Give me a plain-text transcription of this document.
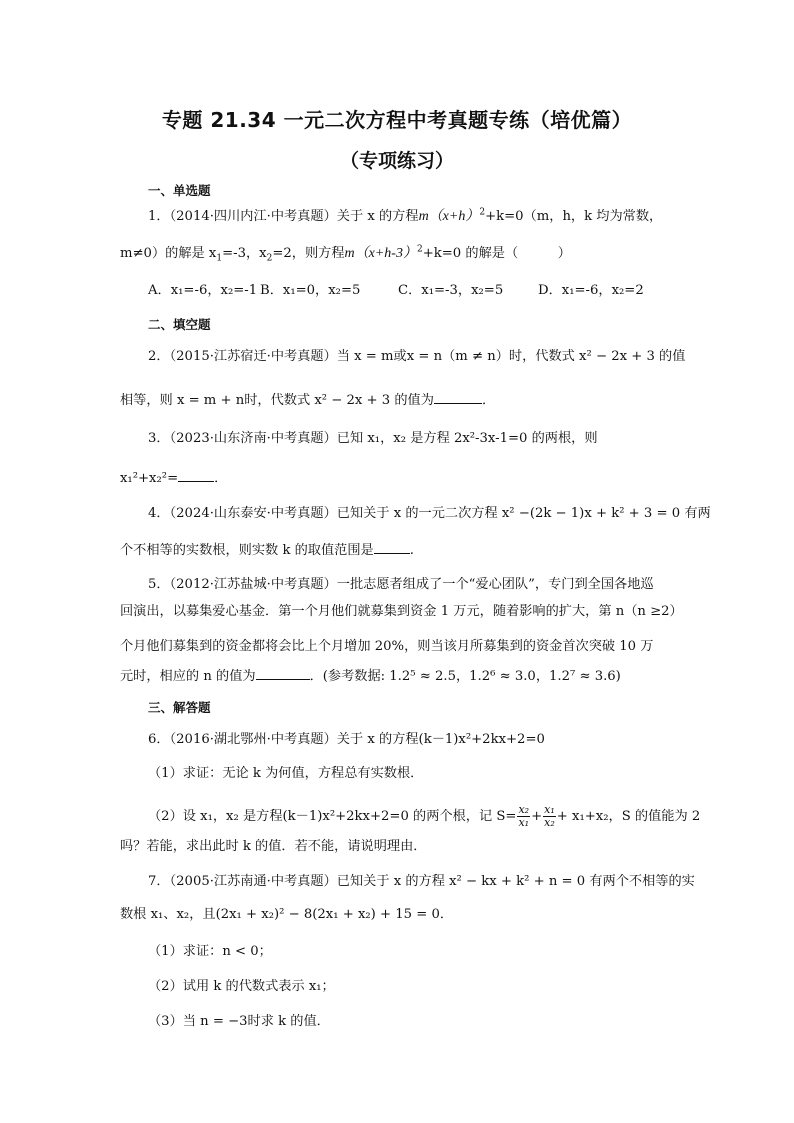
专题 21.34 一元二次方程中考真题专练（培优篇）
（专项练习）
一、单选题
1．（2014·四川内江·中考真题）关于 x 的方程$m(x+h)^2+k=0(m$，h，k 均为常数，
m≠0）的解是 $x_1=-3$，$x_2=2$，则方程$m(x+h-3)^2+k=0$ 的解是（　　　）
A．x₁=-6，x₂=-1 B．x₁=0，x₂=5	C．x₁=-3，x₂=5	D．x₁=-6，x₂=2
二、填空题
2．（2015·江苏宿迁·中考真题）当 x = m或x = n（m ≠ n）时，代数式 x² − 2x + 3 的值
相等，则 x = m + n时，代数式 x² − 2x + 3 的值为	．
3．（2023·山东济南·中考真题）已知 x₁，x₂ 是方程 2x²-3x-1=0 的两根，则
x₁²+x₂²=	．
4．（2024·山东泰安·中考真题）已知关于 x 的一元二次方程 x² −(2k − 1)x + k² + 3 = 0 有两
个不相等的实数根，则实数 k 的取值范围是	.
5．（2012·江苏盐城·中考真题）一批志愿者组成了一个“爱心团队”，专门到全国各地巡
回演出，以募集爱心基金．第一个月他们就募集到资金 1 万元，随着影响的扩大，第 n（n ≥2）
个月他们募集到的资金都将会比上个月增加 20%，则当该月所募集到的资金首次突破 10 万
元时，相应的 n 的值为	．(参考数据: 1.2⁵ ≈ 2.5，1.2⁶ ≈ 3.0，1.2⁷ ≈ 3.6)
三、解答题
6．（2016·湖北鄂州·中考真题）关于 x 的方程(k－1)x²+2kx+2=0
（1）求证：无论 k 为何值，方程总有实数根．
（2）设 x₁，x₂ 是方程(k－1)x²+2kx+2=0 的两个根，记 $S= \frac{\text{x₂}}{\text{x₁}} + \frac{\text{x₁}}{\text{x₂}} + x_1+x_2$，S 的值能为 2
吗？若能，求出此时 k 的值．若不能，请说明理由．
7．（2005·江苏南通·中考真题）已知关于 x 的方程 x² − kx + k² + n = 0 有两个不相等的实
数根 x₁、x₂，且(2x₁ + x₂)² − 8(2x₁ + x₂) + 15 = 0．
（1）求证：n < 0；
（2）试用 k 的代数式表示 x₁；
（3）当 n = −3时求 k 的值．
